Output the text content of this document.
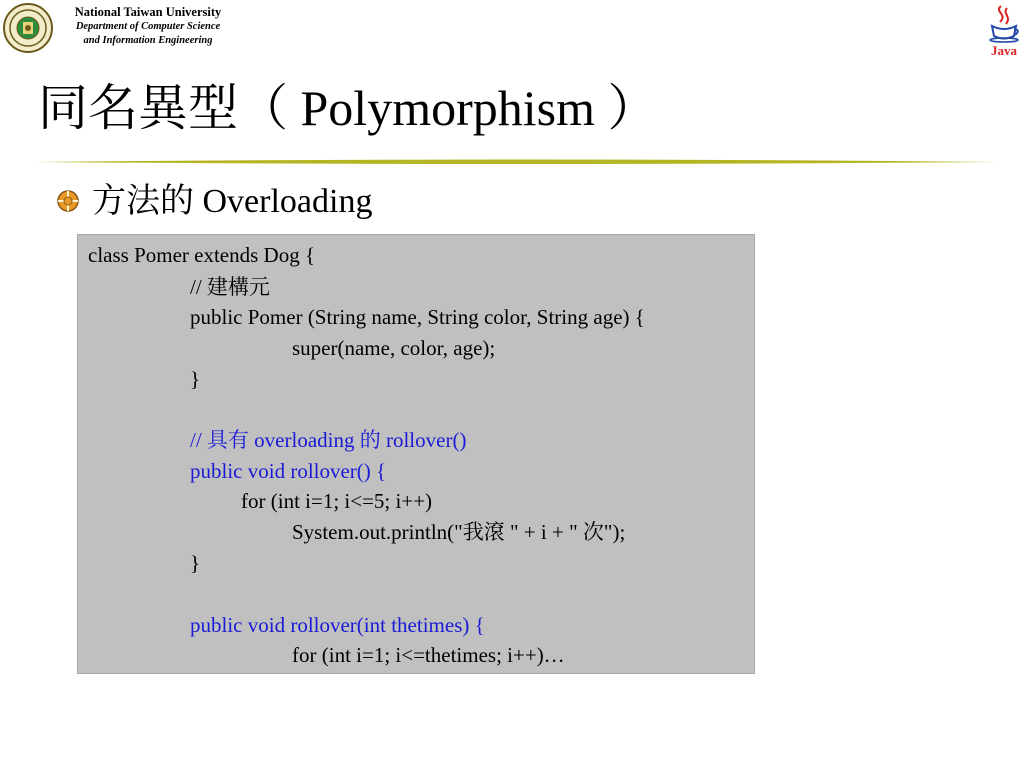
National Taiwan University
Department of Computer Science
and Information Engineering
Java
同名異型（ Polymorphism ）
方法的 Overloading
class Pomer extends Dog {
// 建構元
public Pomer (String name, String color, String age) {
super(name, color, age);
}
// 具有 overloading 的 rollover()
public void rollover() {
for (int i=1; i<=5; i++)
System.out.println("我滾 " + i + " 次");
}
public void rollover(int thetimes) {
for (int i=1; i<=thetimes; i++)…
